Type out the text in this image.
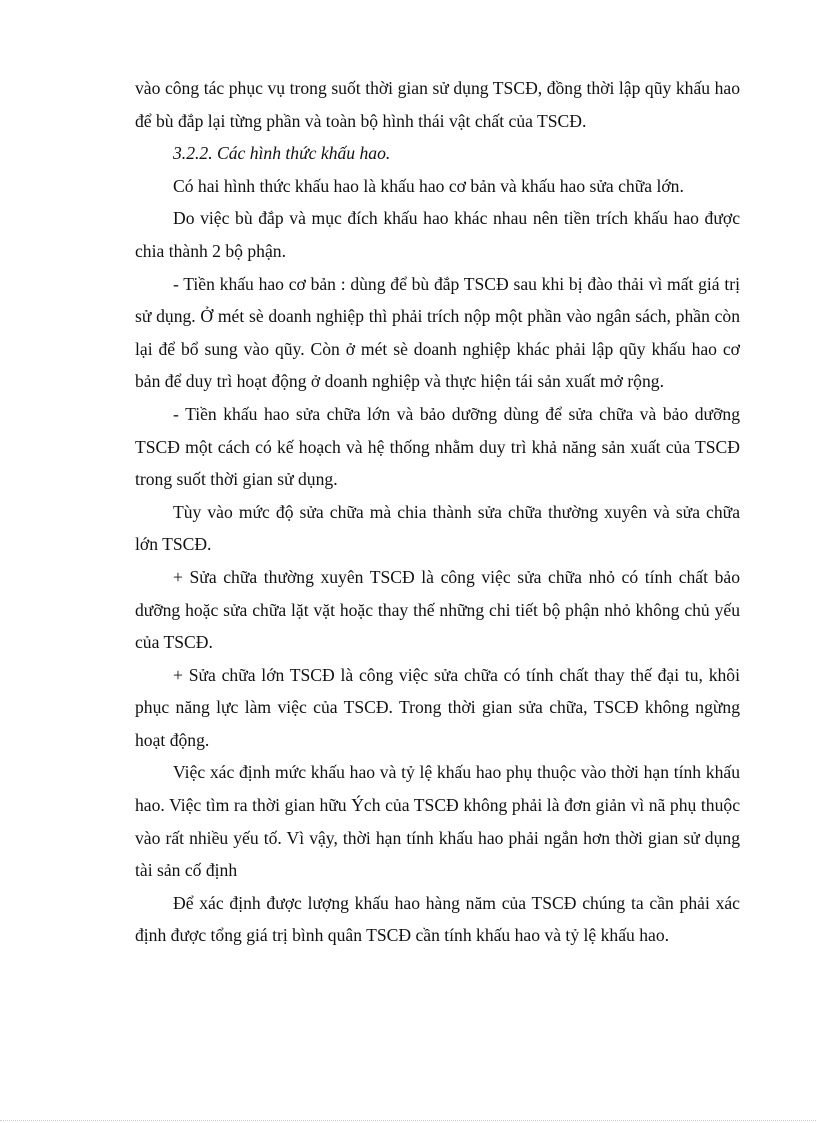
vào công tác phục vụ trong suốt thời gian sử dụng TSCĐ, đồng thời lập qũy khấu hao để bù đắp lại từng phần và toàn bộ hình thái vật chất của TSCĐ.

3.2.2. Các hình thức khấu hao.

Có hai hình thức khấu hao là khấu hao cơ bản và khấu hao sửa chữa lớn.

Do việc bù đắp và mục đích khấu hao khác nhau nên tiền trích khấu hao được chia thành 2 bộ phận.

- Tiền khấu hao cơ bản : dùng để bù đắp TSCĐ sau khi bị đào thải vì mất giá trị sử dụng. Ở mét sè doanh nghiệp thì phải trích nộp một phần vào ngân sách, phần còn lại để bổ sung vào qũy. Còn ở mét sè doanh nghiệp khác phải lập qũy khấu hao cơ bản để duy trì hoạt động ở doanh nghiệp và thực hiện tái sản xuất mở rộng.

- Tiền khấu hao sửa chữa lớn và bảo dưỡng dùng để sửa chữa và bảo dưỡng TSCĐ một cách có kế hoạch và hệ thống nhằm duy trì khả năng sản xuất của TSCĐ trong suốt thời gian sử dụng.

Tùy vào mức độ sửa chữa mà chia thành sửa chữa thường xuyên và sửa chữa lớn TSCĐ.

+ Sửa chữa thường xuyên TSCĐ là công việc sửa chữa nhỏ có tính chất bảo dưỡng hoặc sửa chữa lặt vặt hoặc thay thế những chi tiết bộ phận nhỏ không chủ yếu của TSCĐ.

+ Sửa chữa lớn TSCĐ là công việc sửa chữa có tính chất thay thế đại tu, khôi phục năng lực làm việc của TSCĐ. Trong thời gian sửa chữa, TSCĐ không ngừng hoạt động.

Việc xác định mức khấu hao và tỷ lệ khấu hao phụ thuộc vào thời hạn tính khấu hao. Việc tìm ra thời gian hữu Ých của TSCĐ không phải là đơn giản vì nã phụ thuộc vào rất nhiều yếu tố. Vì vậy, thời hạn tính khấu hao phải ngắn hơn thời gian sử dụng tài sản cố định

Để xác định được lượng khấu hao hàng năm của TSCĐ chúng ta cần phải xác định được tổng giá trị bình quân TSCĐ cần tính khấu hao và tỷ lệ khấu hao.
